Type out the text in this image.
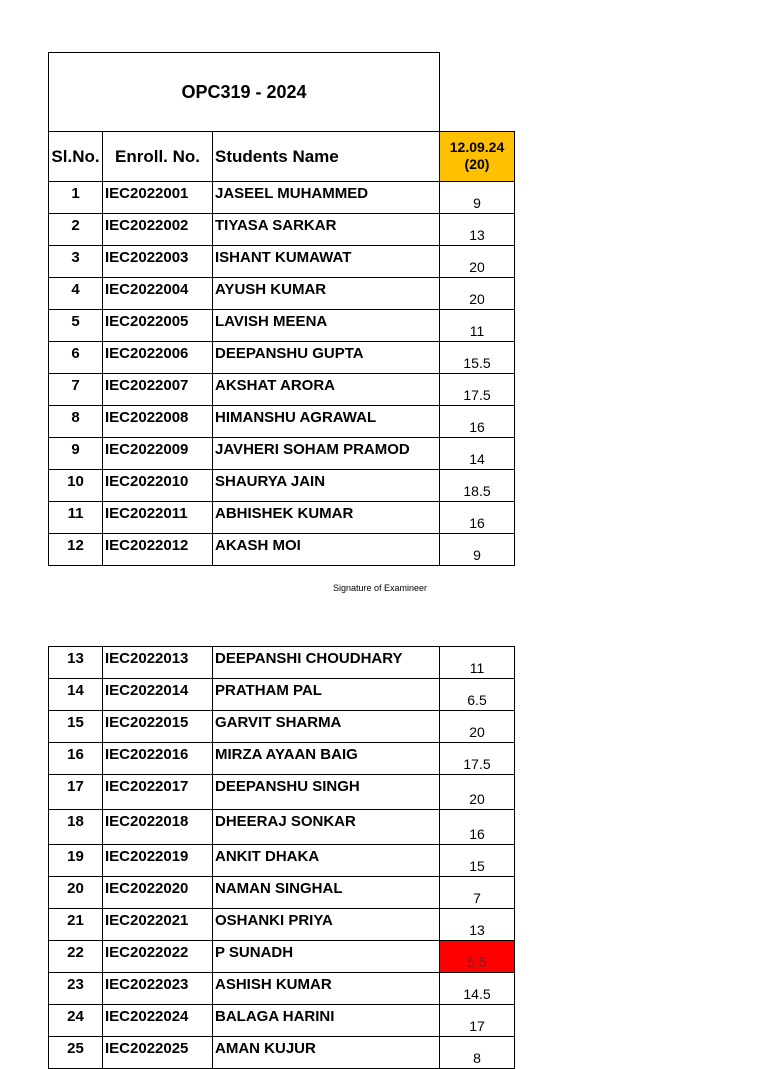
OPC319 - 2024			
Sl.No.	Enroll. No.	Students Name	12.09.24
(20)
1	IEC2022001	JASEEL MUHAMMED	9
2	IEC2022002	TIYASA SARKAR	13
3	IEC2022003	ISHANT KUMAWAT	20
4	IEC2022004	AYUSH KUMAR	20
5	IEC2022005	LAVISH MEENA	11
6	IEC2022006	DEEPANSHU GUPTA	15.5
7	IEC2022007	AKSHAT ARORA	17.5
8	IEC2022008	HIMANSHU AGRAWAL	16
9	IEC2022009	JAVHERI SOHAM PRAMOD	14
10	IEC2022010	SHAURYA JAIN	18.5
11	IEC2022011	ABHISHEK KUMAR	16
12	IEC2022012	AKASH MOI	9
Signature of Examineer
13	IEC2022013	DEEPANSHI CHOUDHARY	11
14	IEC2022014	PRATHAM PAL	6.5
15	IEC2022015	GARVIT SHARMA	20
16	IEC2022016	MIRZA AYAAN BAIG	17.5
17	IEC2022017	DEEPANSHU SINGH	20
18	IEC2022018	DHEERAJ SONKAR	16
19	IEC2022019	ANKIT DHAKA	15
20	IEC2022020	NAMAN SINGHAL	7
21	IEC2022021	OSHANKI PRIYA	13
22	IEC2022022	P SUNADH	5.5
23	IEC2022023	ASHISH KUMAR	14.5
24	IEC2022024	BALAGA HARINI	17
25	IEC2022025	AMAN KUJUR	8
